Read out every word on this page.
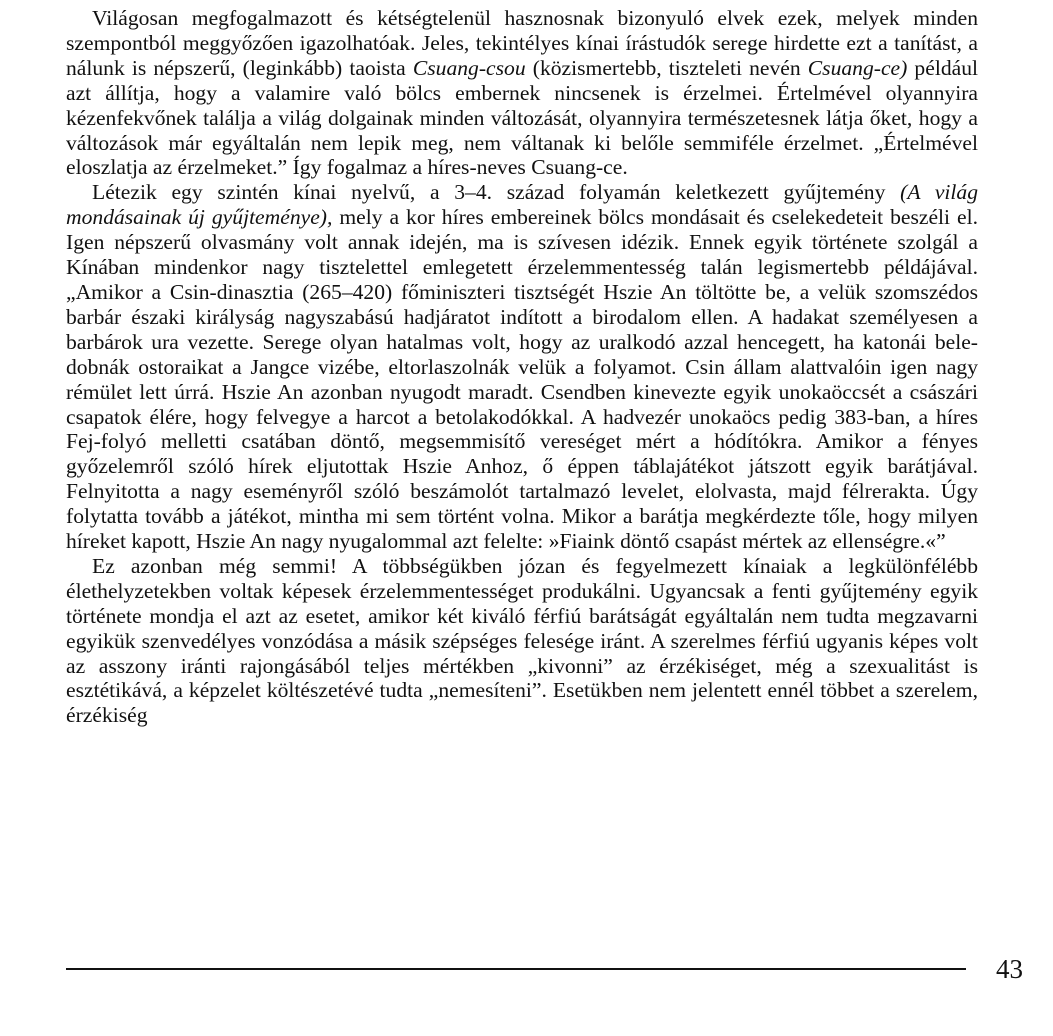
Világosan megfogalmazott és kétségtelenül hasznosnak bizonyuló elvek ezek, melyek minden szempontból meggyőzően igazolhatóak. Jeles, tekintélyes kínai írástudók serege hirdette ezt a tanítást, a nálunk is népszerű, (leginkább) taoista Csuang-csou (közismertebb, tiszteleti nevén Csuang-ce) például azt állítja, hogy a valamire való bölcs embernek nincsenek is érzelmei. Értelmével olyannyira kézenfekvőnek találja a világ dolgainak minden változását, olyannyira természetesnek látja őket, hogy a változások már egyáltalán nem lepik meg, nem váltanak ki belőle semmiféle érzelmet. „Értelmével eloszlatja az érzelmeket.” Így fogalmaz a híres-neves Csuang-ce.

Létezik egy szintén kínai nyelvű, a 3–4. század folyamán keletkezett gyűjtemény (A világ mondásainak új gyűjteménye), mely a kor híres embereinek bölcs mondásait és cselekedeteit beszéli el. Igen népszerű olvasmány volt annak idején, ma is szívesen idézik. Ennek egyik története szolgál a Kínában mindenkor nagy tisztelettel emlegetett érzelemmentesség talán legismertebb példájával. „Amikor a Csin-dinasztia (265–420) főminiszteri tisztségét Hszie An töltötte be, a velük szomszédos barbár északi királyság nagyszabású hadjáratot indított a birodalom ellen. A hadakat személyesen a barbárok ura vezette. Serege olyan hatalmas volt, hogy az uralkodó azzal hencegett, ha katonái beledobnák ostoraikat a Jangce vizébe, eltorlaszolnák velük a folyamot. Csin állam alattvalóin igen nagy rémület lett úrrá. Hszie An azonban nyugodt maradt. Csendben kinevezte egyik unokaöccsét a császári csapatok élére, hogy felvegye a harcot a betolakodókkal. A hadvezér unokaöcs pedig 383-ban, a híres Fej-folyó melletti csatában döntő, megsemmisítő vereséget mért a hódítókra. Amikor a fényes győzelemről szóló hírek eljutottak Hszie Anhoz, ő éppen táblajátékot játszott egyik barátjával. Felnyitotta a nagy eseményről szóló beszámolót tartalmazó levelet, elolvasta, majd félrerakta. Úgy folytatta tovább a játékot, mintha mi sem történt volna. Mikor a barátja megkérdezte tőle, hogy milyen híreket kapott, Hszie An nagy nyugalommal azt felelte: »Fiaink döntő csapást mértek az ellenségre.«”

Ez azonban még semmi! A többségükben józan és fegyelmezett kínaiak a legkülönfélébb élethelyzetekben voltak képesek érzelemmentességet produkálni. Ugyancsak a fenti gyűjtemény egyik története mondja el azt az esetet, amikor két kiváló férfiú barátságát egyáltalán nem tudta megzavarni egyikük szenvedélyes vonzódása a másik szépséges felesége iránt. A szerelmes férfiú ugyanis képes volt az asszony iránti rajongásából teljes mértékben „kivonni” az érzékiséget, még a szexualitást is esztétikává, a képzelet költészetévé tudta „nemesíteni”. Esetükben nem jelentett ennél többet a szerelem, érzékiség

43
